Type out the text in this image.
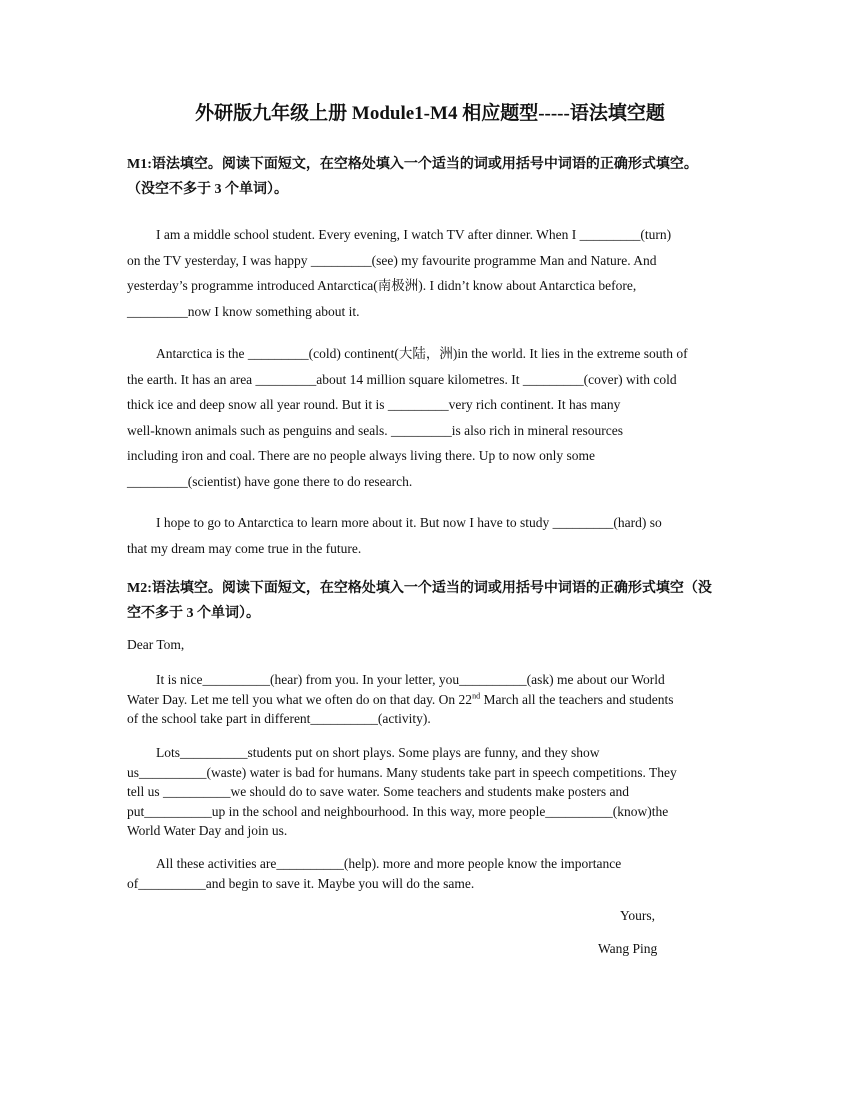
外研版九年级上册 Module1-M4 相应题型-----语法填空题
M1:语法填空。阅读下面短文，在空格处填入一个适当的词或用括号中词语的正确形式填空。
（没空不多于 3 个单词）。
I am a middle school student. Every evening, I watch TV after dinner. When I _________(turn)
on the TV yesterday, I was happy _________(see) my favourite programme Man and Nature. And
yesterday’s programme introduced Antarctica(南极洲). I didn’t know about Antarctica before,
_________now I know something about it.
Antarctica is the _________(cold) continent(大陆，洲)in the world. It lies in the extreme south of
the earth. It has an area _________about 14 million square kilometres. It _________(cover) with cold
thick ice and deep snow all year round. But it is _________very rich continent. It has many
well-known animals such as penguins and seals. _________is also rich in mineral resources
including iron and coal. There are no people always living there. Up to now only some
_________(scientist) have gone there to do research.
I hope to go to Antarctica to learn more about it. But now I have to study _________(hard) so
that my dream may come true in the future.
M2:语法填空。阅读下面短文，在空格处填入一个适当的词或用括号中词语的正确形式填空（没
空不多于 3 个单词）。
Dear Tom,
It is nice__________(hear) from you. In your letter, you__________(ask) me about our World
Water Day. Let me tell you what we often do on that day. On 22nd March all the teachers and students
of the school take part in different__________(activity).
Lots__________students put on short plays. Some plays are funny, and they show
us__________(waste) water is bad for humans. Many students take part in speech competitions. They
tell us __________we should do to save water. Some teachers and students make posters and
put__________up in the school and neighbourhood. In this way, more people__________(know)the
World Water Day and join us.
All these activities are__________(help). more and more people know the importance
of__________and begin to save it. Maybe you will do the same.
Yours,
Wang Ping
